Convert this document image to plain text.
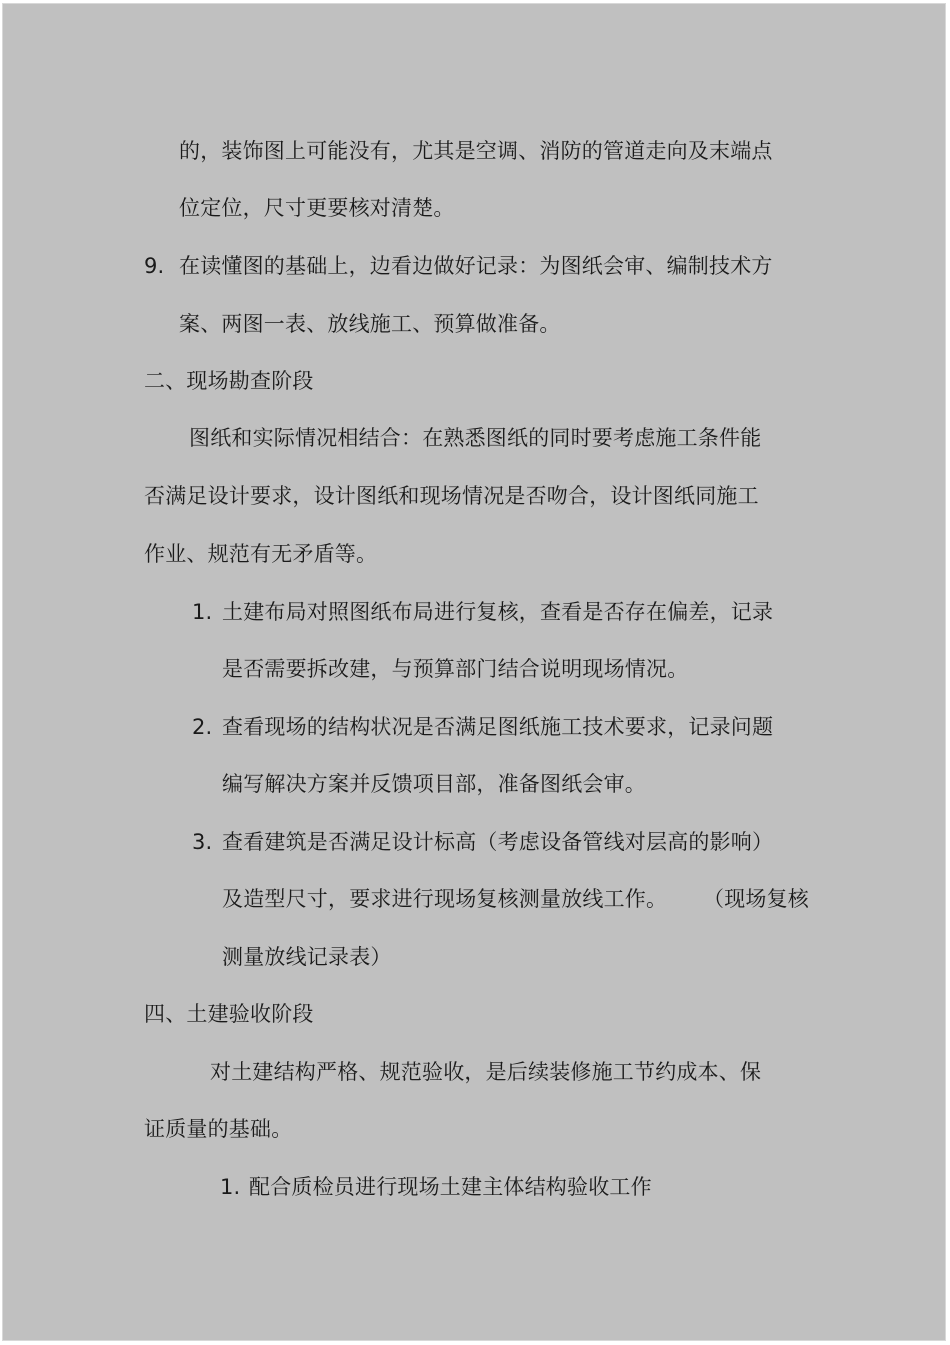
的，装饰图上可能没有，尤其是空调、消防的管道走向及末端点
位定位，尺寸更要核对清楚。
9. 在读懂图的基础上，边看边做好记录：为图纸会审、编制技术方
案、两图一表、放线施工、预算做准备。
二、现场勘查阶段
图纸和实际情况相结合：在熟悉图纸的同时要考虑施工条件能
否满足设计要求，设计图纸和现场情况是否吻合，设计图纸同施工
作业、规范有无矛盾等。
1. 土建布局对照图纸布局进行复核，查看是否存在偏差，记录
是否需要拆改建，与预算部门结合说明现场情况。
2. 查看现场的结构状况是否满足图纸施工技术要求，记录问题
编写解决方案并反馈项目部，准备图纸会审。
3. 查看建筑是否满足设计标高（考虑设备管线对层高的影响）
及造型尺寸，要求进行现场复核测量放线工作。 （现场复核
测量放线记录表）
四、土建验收阶段
对土建结构严格、规范验收，是后续装修施工节约成本、保
证质量的基础。
1. 配合质检员进行现场土建主体结构验收工作
